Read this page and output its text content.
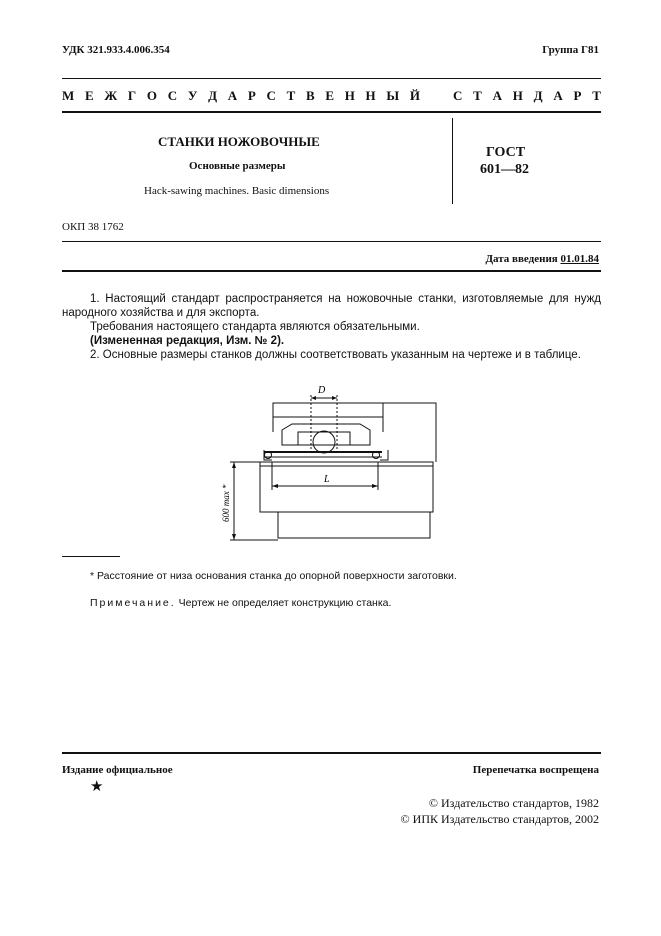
УДК 321.933.4.006.354	Группа Г81
М Е Ж Г О С У Д А Р С Т В Е Н Н Ы Й	С Т А Н Д А Р Т
СТАНКИ НОЖОВОЧНЫЕ
Основные размеры
Hack-sawing machines. Basic dimensions
ГОСТ
601—82
ОКП 38 1762
Дата введения 01.01.84

1. Настоящий стандарт распространяется на ножовочные станки, изготовляемые для нужд народного хозяйства и для экспорта.

Требования настоящего стандарта являются обязательными.

(Измененная редакция, Изм. № 2).

2. Основные размеры станков должны соответствовать указанным на чертеже и в таблице.

D
L
600 max *
* Расстояние от низа основания станка до опорной поверхности заготовки.
Примечание. Чертеж не определяет конструкцию станка.
Издание официальное	Перепечатка воспрещена
★
© Издательство стандартов, 1982
© ИПК Издательство стандартов, 2002
